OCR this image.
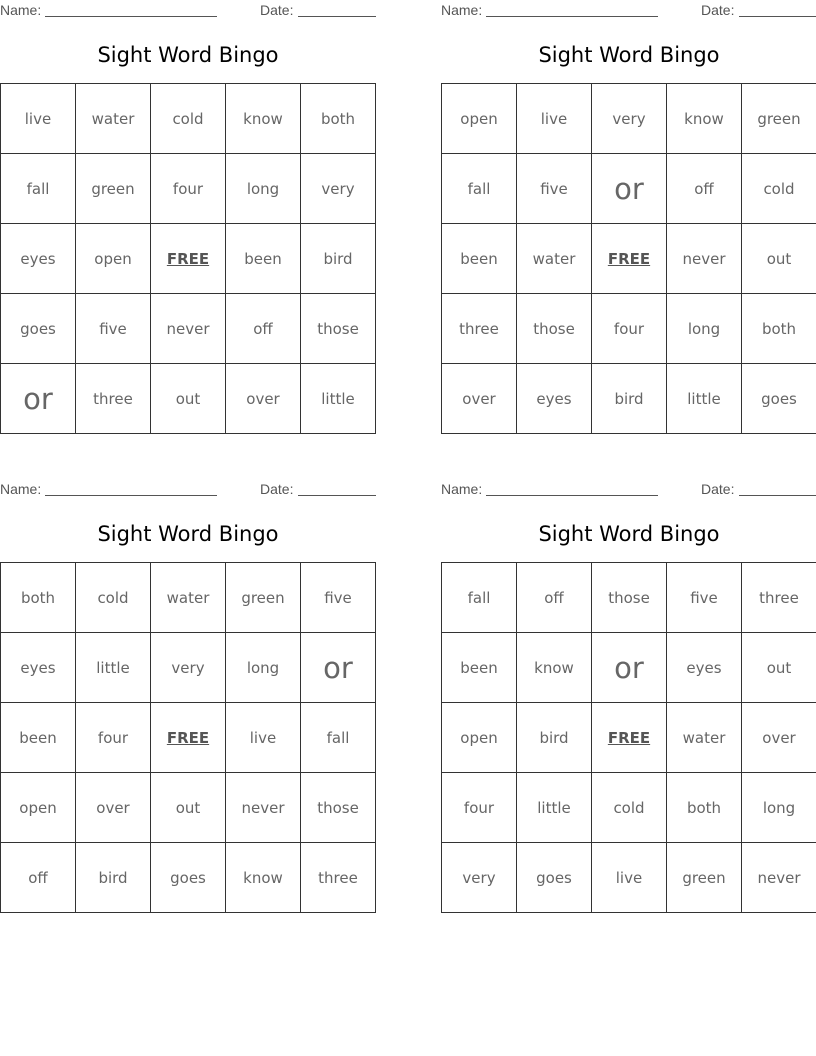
Name:	Date:
Sight Word Bingo
live	water	cold	know	both
fall	green	four	long	very
eyes	open	FREE	been	bird
goes	five	never	off	those
or	three	out	over	little
Name:	Date:
Sight Word Bingo
open	live	very	know	green
fall	five	or	off	cold
been	water	FREE	never	out
three	those	four	long	both
over	eyes	bird	little	goes
Name:	Date:
Sight Word Bingo
both	cold	water	green	five
eyes	little	very	long	or
been	four	FREE	live	fall
open	over	out	never	those
off	bird	goes	know	three
Name:	Date:
Sight Word Bingo
fall	off	those	five	three
been	know	or	eyes	out
open	bird	FREE	water	over
four	little	cold	both	long
very	goes	live	green	never
